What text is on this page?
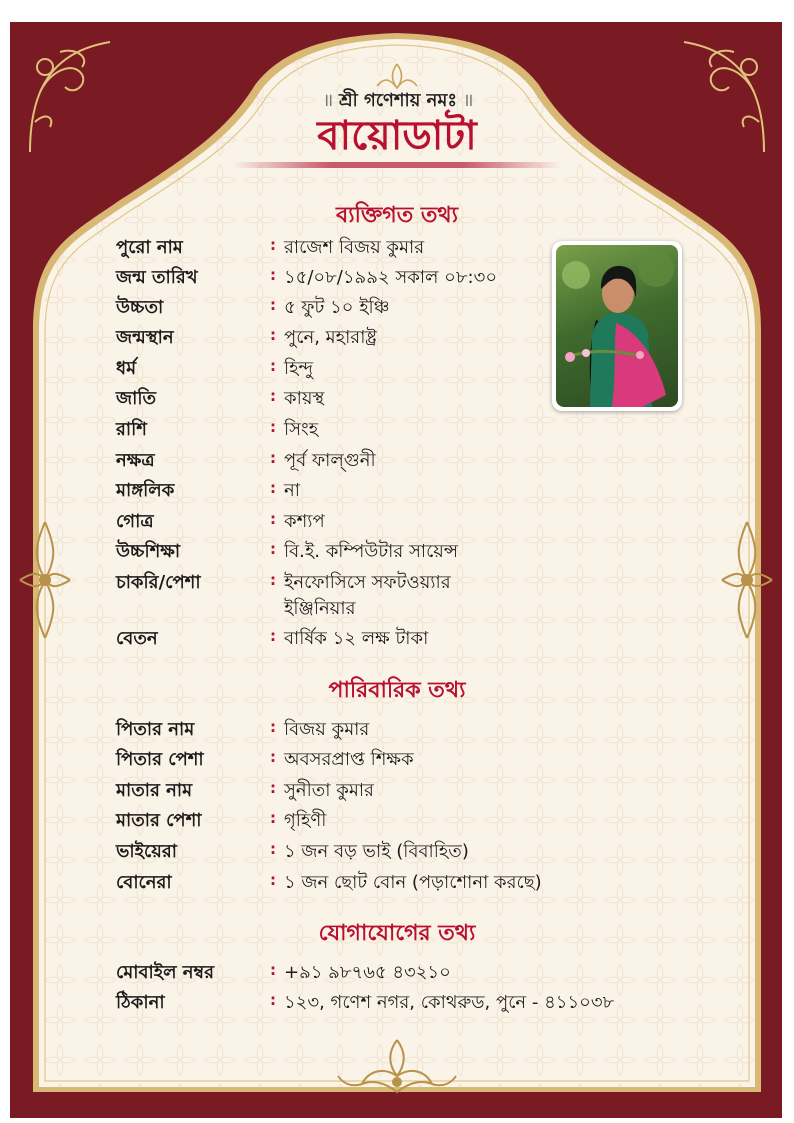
॥ শ্রী গণেশায় নমঃ ॥
বায়োডাটা
ব্যক্তিগত তথ্য
পুরো নাম	: রাজেশ বিজয় কুমার
জন্ম তারিখ	: ১৫/০৮/১৯৯২ সকাল ০৮:৩০
উচ্চতা	: ৫ ফুট ১০ ইঞ্চি
জন্মস্থান	: পুনে, মহারাষ্ট্র
ধর্ম	: হিন্দু
জাতি	: কায়স্থ
রাশি	: সিংহ
নক্ষত্র	: পূর্ব ফাল্গুনী
মাঙ্গলিক	: না
গোত্র	: কশ্যপ
উচ্চশিক্ষা	: বি.ই. কম্পিউটার সায়েন্স
চাকরি/পেশা	: ইনফোসিসে সফটওয়্যার
ইঞ্জিনিয়ার
বেতন	: বার্ষিক ১২ লক্ষ টাকা
পারিবারিক তথ্য
পিতার নাম	: বিজয় কুমার
পিতার পেশা	: অবসরপ্রাপ্ত শিক্ষক
মাতার নাম	: সুনীতা কুমার
মাতার পেশা	: গৃহিণী
ভাইয়েরা	: ১ জন বড় ভাই (বিবাহিত)
বোনেরা	: ১ জন ছোট বোন (পড়াশোনা করছে)
যোগাযোগের তথ্য
মোবাইল নম্বর	: +৯১ ৯৮৭৬৫ ৪৩২১০
ঠিকানা	: ১২৩, গণেশ নগর, কোথরুড, পুনে - ৪১১০৩৮
